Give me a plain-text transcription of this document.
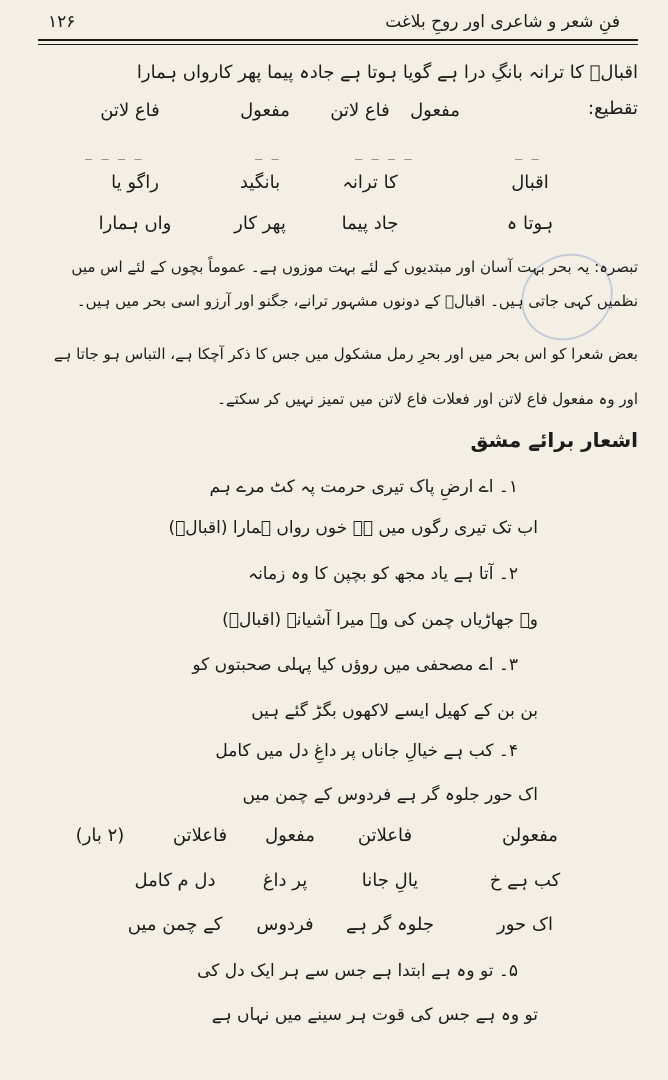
فنِ شعر و شاعری اور روحِ بلاغت
۱۲۶
اقبالؔ کا ترانہ بانگِ درا ہے گویا ہوتا ہے جادہ پیما پھر کارواں ہمارا
تقطیع:
مفعول
فاع لاتن
مفعول
فاع لاتن
_ _
_ _ _ _
_ _
_ _ _ _
اقبال
کا ترانہ
بانگید
راگو یا
ہوتا ہ
جاد پیما
پھر کار
واں ہمارا
تبصرہ: یہ بحر بہت آسان اور مبتدیوں کے لئے بہت موزوں ہے۔ عموماً بچوں کے لئے اس میں
نظمیں کہی جاتی ہیں۔ اقبالؔ کے دونوں مشہور ترانے، جگنو اور آرزو اسی بحر میں ہیں۔
بعض شعرا کو اس بحر میں اور بحرِ رمل مشکول میں جس کا ذکر آچکا ہے، التباس ہو جاتا ہے
اور وہ مفعول فاع لاتن اور فعلات فاع لاتن میں تمیز نہیں کر سکتے۔
اشعار برائے مشق
۱۔ اے ارضِ پاک تیری حرمت پہ کٹ مرے ہم
اب تک تیری رگوں میں ہے خوں رواں ہمارا (اقبالؔ)
۲۔ آتا ہے یاد مجھ کو بچپن کا وہ زمانہ
وہ جھاڑیاں چمن کی وہ میرا آشیانہ (اقبالؔ)
۳۔ اے مصحفی میں روؤں کیا پہلی صحبتوں کو
بن بن کے کھیل ایسے لاکھوں بگڑ گئے ہیں
۴۔ کب ہے خیالِ جاناں پر داغِ دل میں کامل
اک حور جلوہ گر ہے فردوس کے چمن میں
مفعولن
فاعلاتن
مفعول
فاعلاتن
(۲ بار)
کب ہے خ
یالِ جانا
پر داغ
دل م کامل
اک حور
جلوہ گر ہے
فردوس
کے چمن میں
۵۔ تو وہ ہے ابتدا ہے جس سے ہر ایک دل کی
تو وہ ہے جس کی قوت ہر سینے میں نہاں ہے
